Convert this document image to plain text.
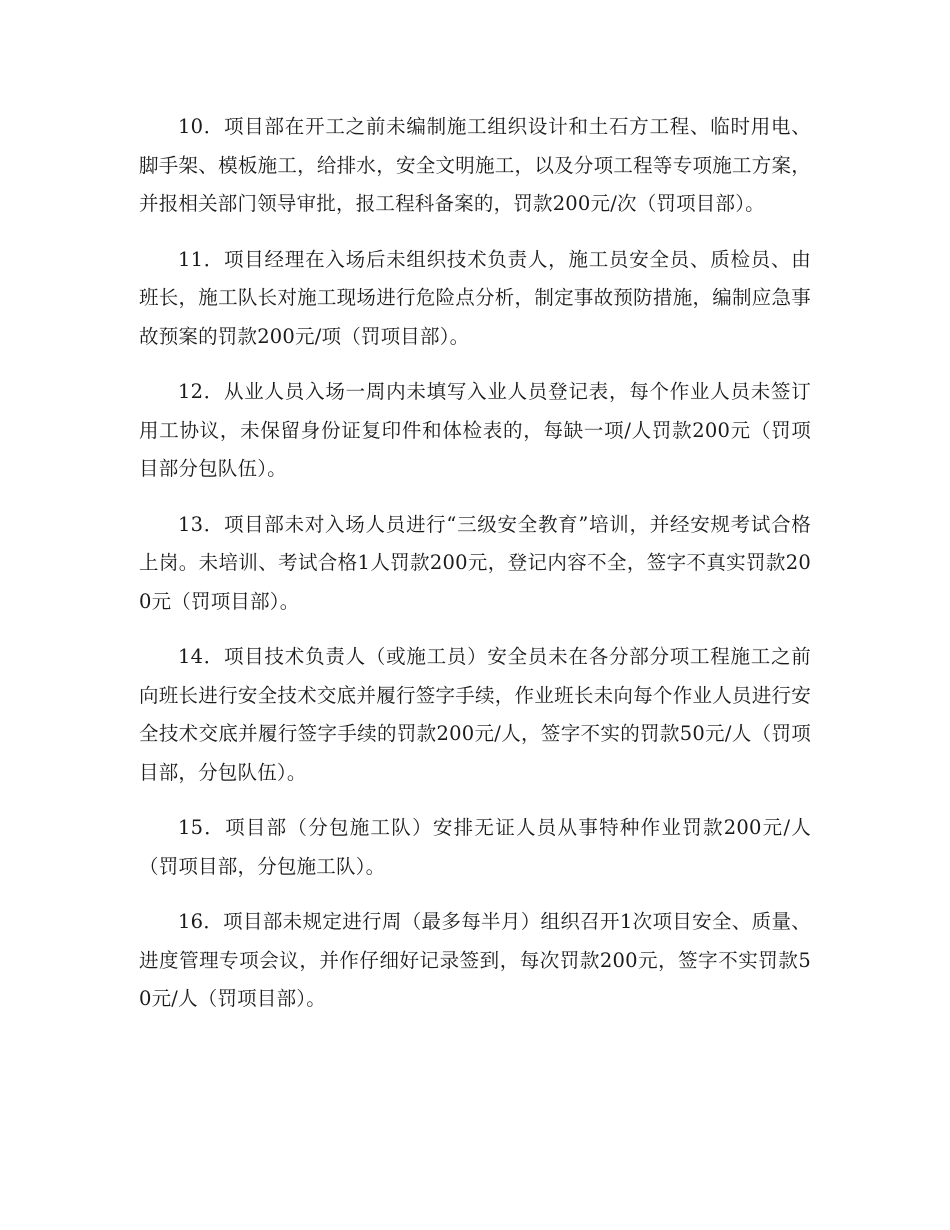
10．项目部在开工之前未编制施工组织设计和土石方工程、临时用电、脚手架、模板施工，给排水，安全文明施工，以及分项工程等专项施工方案，并报相关部门领导审批，报工程科备案的，罚款200元/次（罚项目部）。

11．项目经理在入场后未组织技术负责人，施工员安全员、质检员、由班长，施工队长对施工现场进行危险点分析，制定事故预防措施，编制应急事故预案的罚款200元/项（罚项目部）。

12．从业人员入场一周内未填写入业人员登记表，每个作业人员未签订用工协议，未保留身份证复印件和体检表的，每缺一项/人罚款200元（罚项目部分包队伍）。

13．项目部未对入场人员进行“三级安全教育”培训，并经安规考试合格上岗。未培训、考试合格1人罚款200元，登记内容不全，签字不真实罚款200元（罚项目部）。

14．项目技术负责人（或施工员）安全员未在各分部分项工程施工之前向班长进行安全技术交底并履行签字手续，作业班长未向每个作业人员进行安全技术交底并履行签字手续的罚款200元/人，签字不实的罚款50元/人（罚项目部，分包队伍）。

15．项目部（分包施工队）安排无证人员从事特种作业罚款200元/人（罚项目部，分包施工队）。

16．项目部未规定进行周（最多每半月）组织召开1次项目安全、质量、进度管理专项会议，并作仔细好记录签到，每次罚款200元，签字不实罚款50元/人（罚项目部）。
